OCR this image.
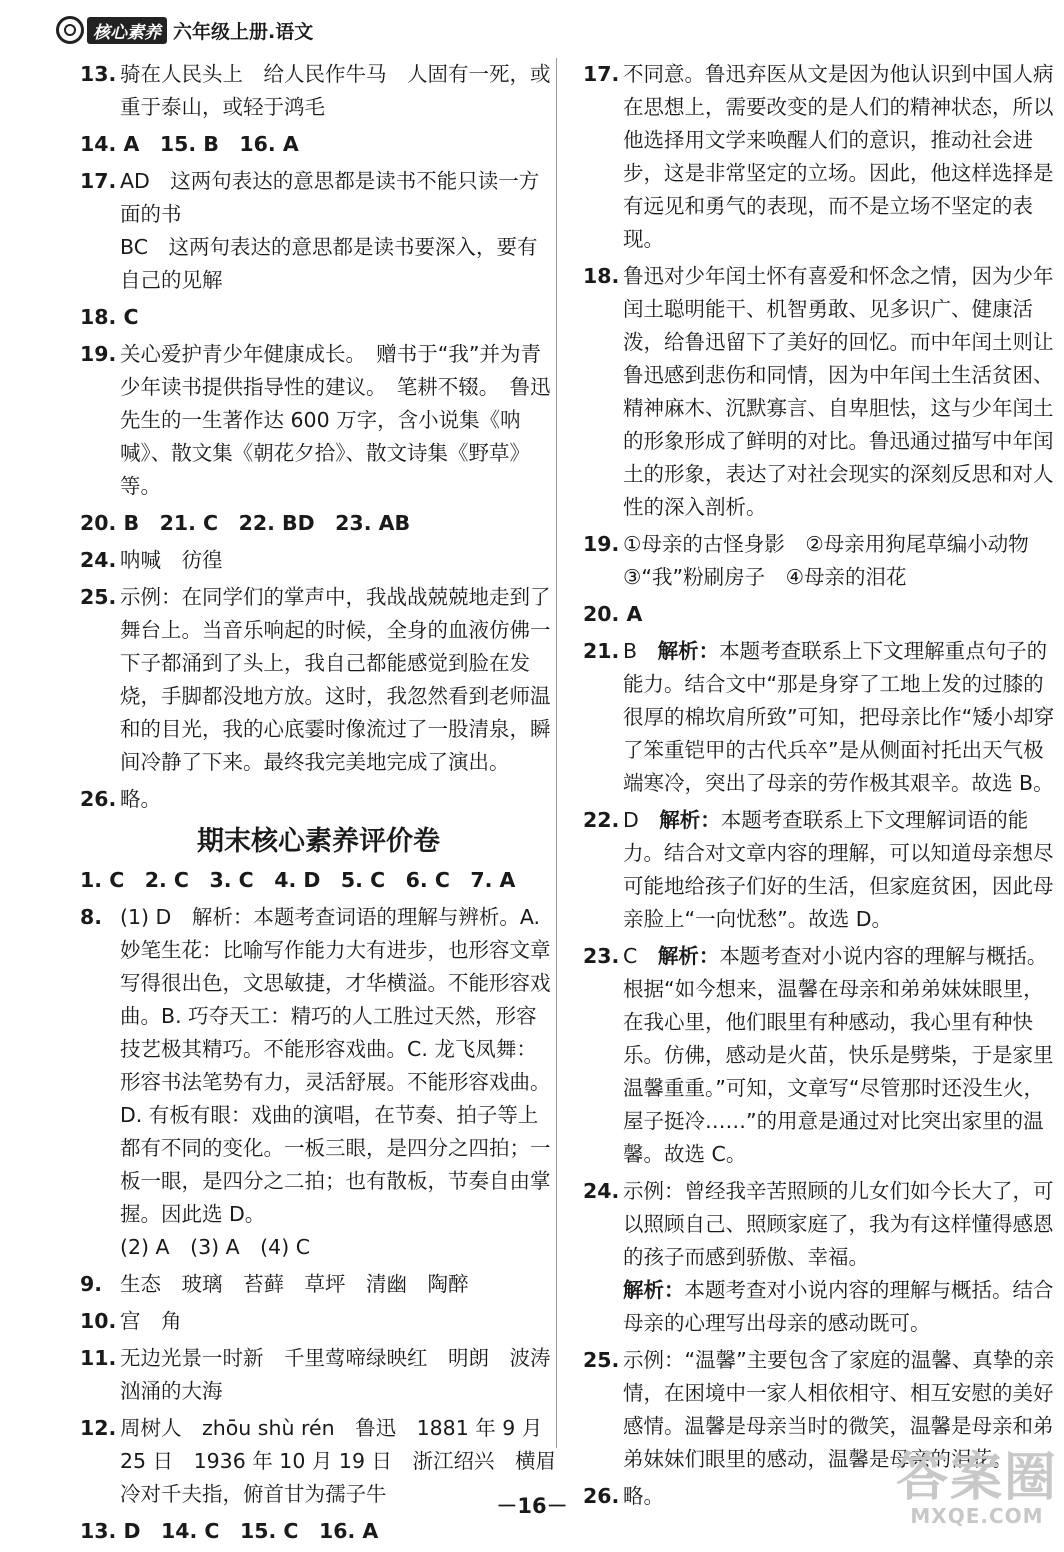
核心素养 六年级上册.语文
13. 骑在人民头上　给人民作牛马　人固有一死，或重于泰山，或轻于鸿毛

14. A　15. B　16. A
17. AD　这两句表达的意思都是读书不能只读一方面的书

BC　这两句表达的意思都是读书要深入，要有自己的见解

18. C
19. 关心爱护青少年健康成长。　赠书于“我”并为青少年读书提供指导性的建议。　笔耕不辍。　鲁迅先生的一生著作达 600 万字，含小说集《呐喊》、散文集《朝花夕拾》、散文诗集《野草》等。

20. B　21. C　22. BD　23. AB
24. 呐喊　彷徨

25. 示例：在同学们的掌声中，我战战兢兢地走到了舞台上。当音乐响起的时候，全身的血液仿佛一下子都涌到了头上，我自己都能感觉到脸在发烧，手脚都没地方放。这时，我忽然看到老师温和的目光，我的心底霎时像流过了一股清泉，瞬间冷静了下来。最终我完美地完成了演出。

26. 略。

期末核心素养评价卷
1. C　2. C　3. C　4. D　5. C　6. C　7. A
8. (1) D　解析：本题考查词语的理解与辨析。A. 妙笔生花：比喻写作能力大有进步，也形容文章写得很出色，文思敏捷，才华横溢。不能形容戏曲。B. 巧夺天工：精巧的人工胜过天然，形容技艺极其精巧。不能形容戏曲。C. 龙飞凤舞：形容书法笔势有力，灵活舒展。不能形容戏曲。D. 有板有眼：戏曲的演唱，在节奏、拍子等上都有不同的变化。一板三眼，是四分之四拍；一板一眼，是四分之二拍；也有散板，节奏自由掌握。因此选 D。

(2) A　(3) A　(4) C

9. 生态　玻璃　苔藓　草坪　清幽　陶醉

10. 宫　角

11. 无边光景一时新　千里莺啼绿映红　明朗　波涛汹涌的大海

12. 周树人　zhōu shù rén　鲁迅　1881 年 9 月 25 日　1936 年 10 月 19 日　浙江绍兴　横眉冷对千夫指，俯首甘为孺子牛

13. D　14. C　15. C　16. A
17. 不同意。鲁迅弃医从文是因为他认识到中国人病在思想上，需要改变的是人们的精神状态，所以他选择用文学来唤醒人们的意识，推动社会进步，这是非常坚定的立场。因此，他这样选择是有远见和勇气的表现，而不是立场不坚定的表现。

18. 鲁迅对少年闰土怀有喜爱和怀念之情，因为少年闰土聪明能干、机智勇敢、见多识广、健康活泼，给鲁迅留下了美好的回忆。而中年闰土则让鲁迅感到悲伤和同情，因为中年闰土生活贫困、精神麻木、沉默寡言、自卑胆怯，这与少年闰土的形象形成了鲜明的对比。鲁迅通过描写中年闰土的形象，表达了对社会现实的深刻反思和对人性的深入剖析。

19. ①母亲的古怪身影　②母亲用狗尾草编小动物　③“我”粉刷房子　④母亲的泪花

20. A
21. B　 解析：本题考查联系上下文理解重点句子的能力。结合文中“那是身穿了工地上发的过膝的很厚的棉坎肩所致”可知，把母亲比作“矮小却穿了笨重铠甲的古代兵卒”是从侧面衬托出天气极端寒冷，突出了母亲的劳作极其艰辛。故选 B。

22. D　 解析：本题考查联系上下文理解词语的能力。结合对文章内容的理解，可以知道母亲想尽可能地给孩子们好的生活，但家庭贫困，因此母亲脸上“一向忧愁”。故选 D。

23. C　 解析：本题考查对小说内容的理解与概括。根据“如今想来，温馨在母亲和弟弟妹妹眼里，在我心里，他们眼里有种感动，我心里有种快乐。仿佛，感动是火苗，快乐是劈柴，于是家里温馨重重。”可知，文章写“尽管那时还没生火，屋子挺冷……”的用意是通过对比突出家里的温馨。故选 C。

24. 示例：曾经我辛苦照顾的儿女们如今长大了，可以照顾自己、照顾家庭了，我为有这样懂得感恩的孩子而感到骄傲、幸福。

解析：本题考查对小说内容的理解与概括。结合母亲的心理写出母亲的感动既可。

25. 示例：“温馨”主要包含了家庭的温馨、真挚的亲情，在困境中一家人相依相守、相互安慰的美好感情。温馨是母亲当时的微笑，温馨是母亲和弟弟妹妹们眼里的感动，温馨是母亲的泪花。

26. 略。

－16－	答案圈
MXQE.COM
